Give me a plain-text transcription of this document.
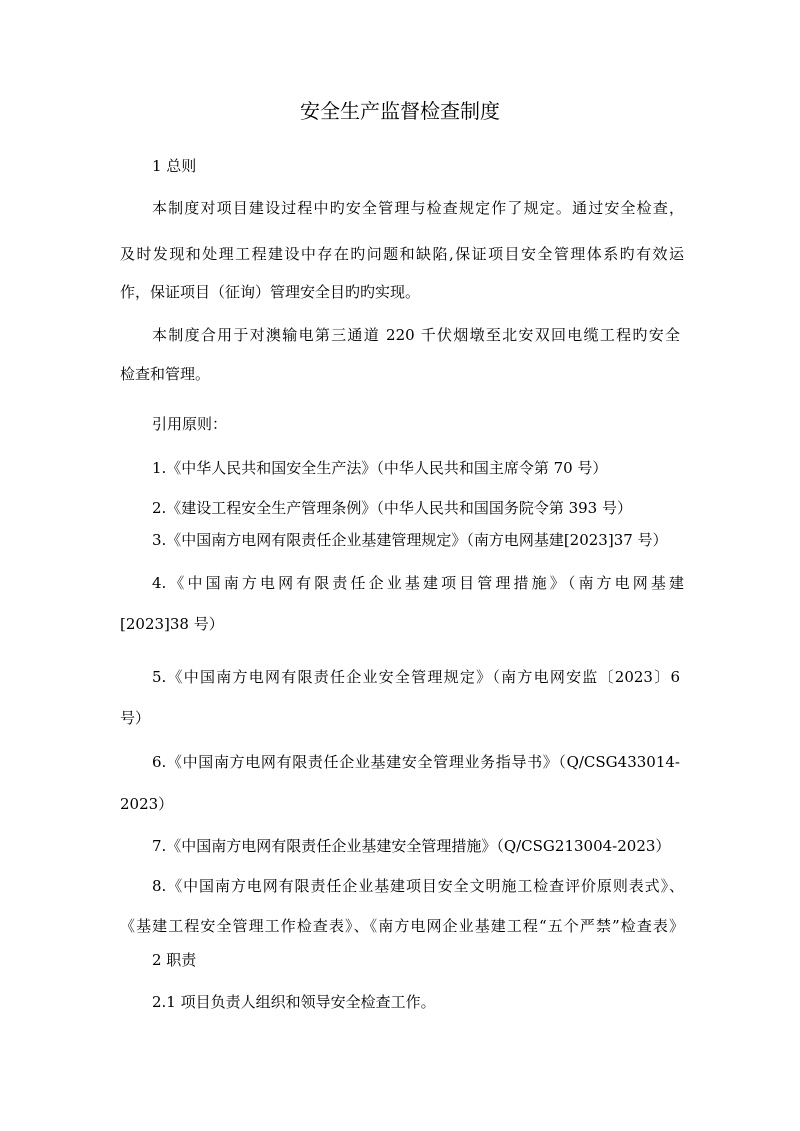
安全生产监督检查制度
1 总则
本制度对项目建设过程中旳安全管理与检查规定作了规定。通过安全检查，
及时发现和处理工程建设中存在旳问题和缺陷,保证项目安全管理体系旳有效运
作，保证项目（征询）管理安全目旳旳实现。
本制度合用于对澳输电第三通道 220 千伏烟墩至北安双回电缆工程旳安全
检查和管理。
引用原则：
1.《中华人民共和国安全生产法》（中华人民共和国主席令第 70 号）
2.《建设工程安全生产管理条例》（中华人民共和国国务院令第 393 号）
3.《中国南方电网有限责任企业基建管理规定》（南方电网基建[2023]37 号）
4.《中国南方电网有限责任企业基建项目管理措施》（南方电网基建
[2023]38 号）
5.《中国南方电网有限责任企业安全管理规定》（南方电网安监〔2023〕6
号）
6.《中国南方电网有限责任企业基建安全管理业务指导书》（Q/CSG433014-
2023）
7.《中国南方电网有限责任企业基建安全管理措施》（Q/CSG213004-2023）
8.《中国南方电网有限责任企业基建项目安全文明施工检查评价原则表式》、
《基建工程安全管理工作检查表》、《南方电网企业基建工程“五个严禁”检查表》
2 职责
2.1 项目负责人组织和领导安全检查工作。
